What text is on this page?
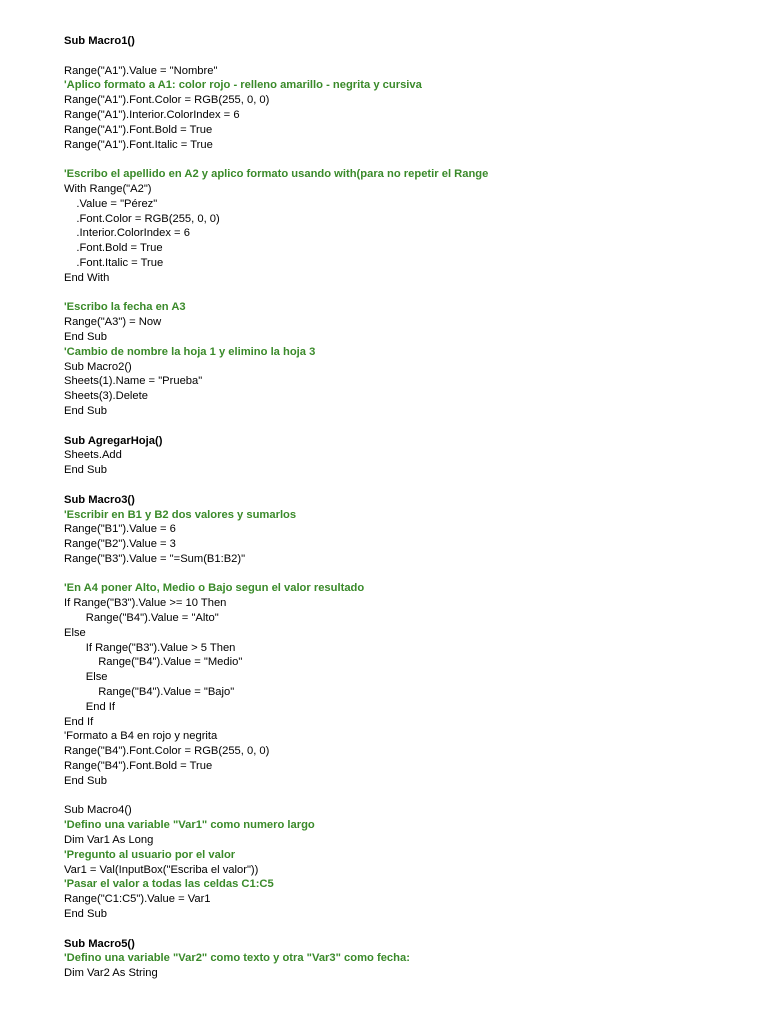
Sub Macro1()
Range("A1").Value = "Nombre"
'Aplico formato a A1: color rojo - relleno amarillo - negrita y cursiva
Range("A1").Font.Color = RGB(255, 0, 0)
Range("A1").Interior.ColorIndex = 6
Range("A1").Font.Bold = True
Range("A1").Font.Italic = True
'Escribo el apellido en A2 y aplico formato usando with(para no repetir el Range
With Range("A2")
.Value = "Pérez"
.Font.Color = RGB(255, 0, 0)
.Interior.ColorIndex = 6
.Font.Bold = True
.Font.Italic = True
End With
'Escribo la fecha en A3
Range("A3") = Now
End Sub
'Cambio de nombre la hoja 1 y elimino la hoja 3
Sub Macro2()
Sheets(1).Name = "Prueba"
Sheets(3).Delete
End Sub
Sub AgregarHoja()
Sheets.Add
End Sub
Sub Macro3()
'Escribir en B1 y B2 dos valores y sumarlos
Range("B1").Value = 6
Range("B2").Value = 3
Range("B3").Value = "=Sum(B1:B2)"
'En A4 poner Alto, Medio o Bajo segun el valor resultado
If Range("B3").Value >= 10 Then
Range("B4").Value = "Alto"
Else
If Range("B3").Value > 5 Then
Range("B4").Value = "Medio"
Else
Range("B4").Value = "Bajo"
End If
End If
'Formato a B4 en rojo y negrita
Range("B4").Font.Color = RGB(255, 0, 0)
Range("B4").Font.Bold = True
End Sub
Sub Macro4()
'Defino una variable "Var1" como numero largo
Dim Var1 As Long
'Pregunto al usuario por el valor
Var1 = Val(InputBox("Escriba el valor"))
'Pasar el valor a todas las celdas C1:C5
Range("C1:C5").Value = Var1
End Sub
Sub Macro5()
'Defino una variable "Var2" como texto y otra "Var3" como fecha:
Dim Var2 As String
